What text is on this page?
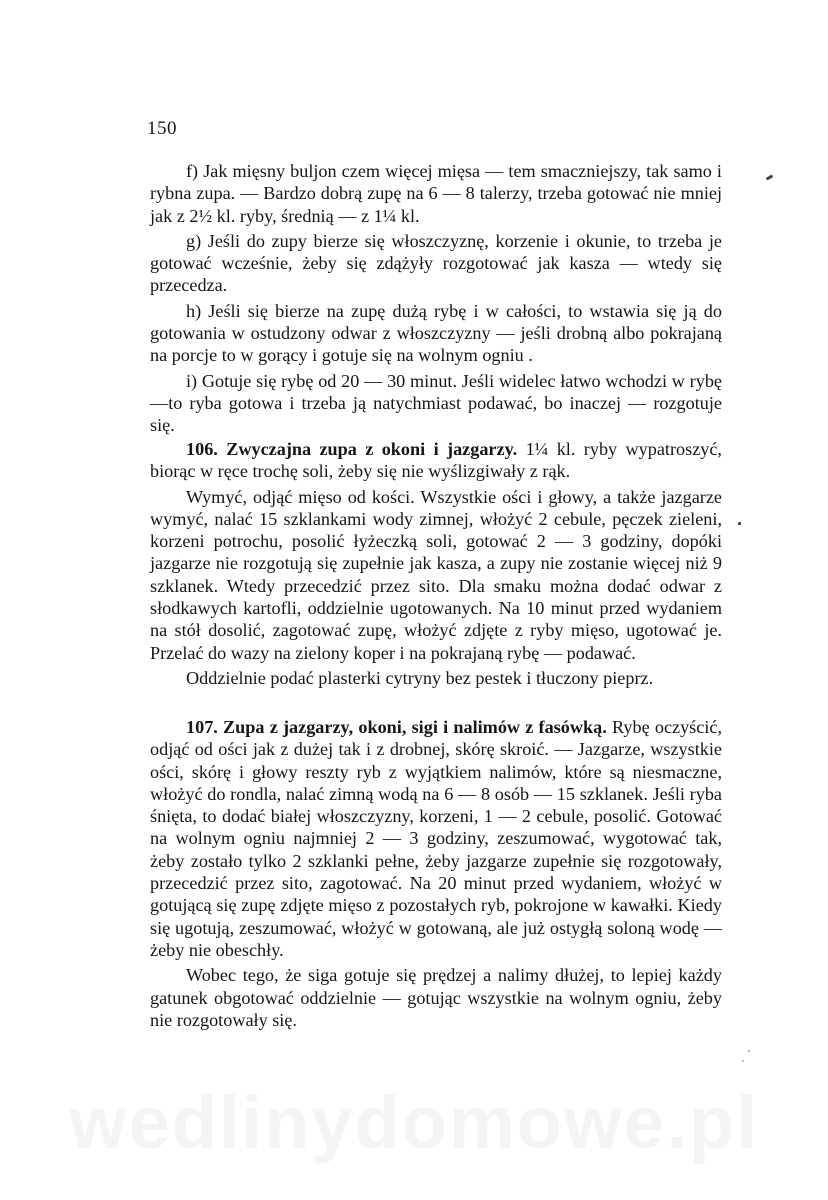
150

f) Jak mięsny buljon czem więcej mięsa — tem smaczniejszy, tak samo i rybna zupa. — Bardzo dobrą zupę na 6 — 8 talerzy, trzeba gotować nie mniej jak z 2½ kl. ryby, średnią — z 1¼ kl.

g) Jeśli do zupy bierze się włoszczyznę, korzenie i okunie, to trzeba je gotować wcześnie, żeby się zdążyły rozgotować jak kasza — wtedy się przecedza.

h) Jeśli się bierze na zupę dużą rybę i w całości, to wstawia się ją do gotowania w ostudzony odwar z włoszczyzny — jeśli drobną albo pokrajaną na porcje to w gorący i gotuje się na wolnym ogniu .

i) Gotuje się rybę od 20 — 30 minut. Jeśli widelec łatwo wchodzi w rybę—to ryba gotowa i trzeba ją natychmiast podawać, bo inaczej — rozgotuje się.

106. Zwyczajna zupa z okoni i jazgarzy. 1¼ kl. ryby wypatroszyć, biorąc w ręce trochę soli, żeby się nie wyślizgiwały z rąk.

Wymyć, odjąć mięso od kości. Wszystkie ości i głowy, a także jazgarze wymyć, nalać 15 szklankami wody zimnej, włożyć 2 cebule, pęczek zieleni, korzeni potrochu, posolić łyżeczką soli, gotować 2 — 3 godziny, dopóki jazgarze nie rozgotują się zupełnie jak kasza, a zupy nie zostanie więcej niż 9 szklanek. Wtedy przecedzić przez sito. Dla smaku można dodać odwar z słodkawych kartofli, oddzielnie ugotowanych. Na 10 minut przed wydaniem na stół dosolić, zagotować zupę, włożyć zdjęte z ryby mięso, ugotować je. Przelać do wazy na zielony koper i na pokrajaną rybę — podawać.

Oddzielnie podać plasterki cytryny bez pestek i tłuczony pieprz.

107. Zupa z jazgarzy, okoni, sigi i nalimów z fasówką. Rybę oczyścić, odjąć od ości jak z dużej tak i z drobnej, skórę skroić. — Jazgarze, wszystkie ości, skórę i głowy reszty ryb z wyjątkiem nalimów, które są niesmaczne, włożyć do rondla, nalać zimną wodą na 6 — 8 osób — 15 szklanek. Jeśli ryba śnięta, to dodać białej włoszczyzny, korzeni, 1 — 2 cebule, posolić. Gotować na wolnym ogniu najmniej 2 — 3 godziny, zeszumować, wygotować tak, żeby zostało tylko 2 szklanki pełne, żeby jazgarze zupełnie się rozgotowały, przecedzić przez sito, zagotować. Na 20 minut przed wydaniem, włożyć w gotującą się zupę zdjęte mięso z pozostałych ryb, pokrojone w kawałki. Kiedy się ugotują, zeszumować, włożyć w gotowaną, ale już ostygłą soloną wodę — żeby nie obeschły.

Wobec tego, że siga gotuje się prędzej a nalimy dłużej, to lepiej każdy gatunek obgotować oddzielnie — gotując wszystkie na wolnym ogniu, żeby nie rozgotowały się.

wedlinydomowe.pl
